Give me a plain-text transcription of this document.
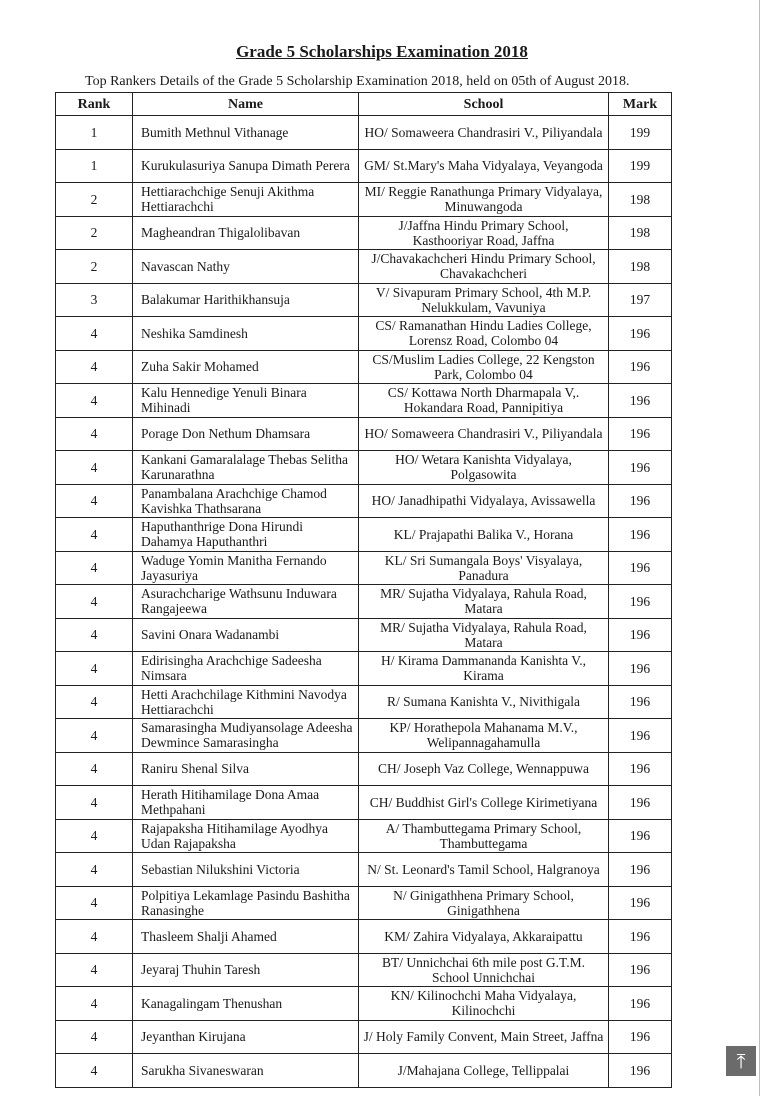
Grade 5 Scholarships Examination 2018
Top Rankers Details of the Grade 5 Scholarship Examination 2018, held on 05th of August 2018.
Rank	Name	School	Mark
1	Bumith Methnul Vithanage	HO/ Somaweera Chandrasiri V., Piliyandala	199
1	Kurukulasuriya Sanupa Dimath Perera	GM/ St.Mary's Maha Vidyalaya, Veyangoda	199
2	Hettiarachchige Senuji Akithma Hettiarachchi	MI/ Reggie Ranathunga Primary Vidyalaya, Minuwangoda	198
2	Magheandran Thigalolibavan	J/Jaffna Hindu Primary School, Kasthooriyar Road, Jaffna	198
2	Navascan Nathy	J/Chavakachcheri Hindu Primary School, Chavakachcheri	198
3	Balakumar Harithikhansuja	V/ Sivapuram Primary School, 4th M.P. Nelukkulam, Vavuniya	197
4	Neshika Samdinesh	CS/ Ramanathan Hindu Ladies College, Lorensz Road, Colombo 04	196
4	Zuha Sakir Mohamed	CS/Muslim Ladies College, 22 Kengston Park, Colombo 04	196
4	Kalu Hennedige Yenuli Binara Mihinadi	CS/ Kottawa North Dharmapala V,. Hokandara Road, Pannipitiya	196
4	Porage Don Nethum Dhamsara	HO/ Somaweera Chandrasiri V., Piliyandala	196
4	Kankani Gamaralalage Thebas Selitha Karunarathna	HO/ Wetara Kanishta Vidyalaya, Polgasowita	196
4	Panambalana Arachchige Chamod Kavishka Thathsarana	HO/ Janadhipathi Vidyalaya, Avissawella	196
4	Haputhanthrige Dona Hirundi Dahamya Haputhanthri	KL/ Prajapathi Balika V., Horana	196
4	Waduge Yomin Manitha Fernando Jayasuriya	KL/ Sri Sumangala Boys' Visyalaya, Panadura	196
4	Asurachcharige Wathsunu Induwara Rangajeewa	MR/ Sujatha Vidyalaya, Rahula Road, Matara	196
4	Savini Onara Wadanambi	MR/ Sujatha Vidyalaya, Rahula Road, Matara	196
4	Edirisingha Arachchige Sadeesha Nimsara	H/ Kirama Dammananda Kanishta V., Kirama	196
4	Hetti Arachchilage Kithmini Navodya Hettiarachchi	R/ Sumana Kanishta V., Nivithigala	196
4	Samarasingha Mudiyansolage Adeesha Dewmince Samarasingha	KP/ Horathepola Mahanama M.V., Welipannagahamulla	196
4	Raniru Shenal Silva	CH/ Joseph Vaz College, Wennappuwa	196
4	Herath Hitihamilage Dona Amaa Methpahani	CH/ Buddhist Girl's College Kirimetiyana	196
4	Rajapaksha Hitihamilage Ayodhya Udan Rajapaksha	A/ Thambuttegama Primary School, Thambuttegama	196
4	Sebastian Nilukshini Victoria	N/ St. Leonard's Tamil School, Halgranoya	196
4	Polpitiya Lekamlage Pasindu Bashitha Ranasinghe	N/ Ginigathhena Primary School, Ginigathhena	196
4	Thasleem Shalji Ahamed	KM/ Zahira Vidyalaya, Akkaraipattu	196
4	Jeyaraj Thuhin Taresh	BT/ Unnichchai 6th mile post G.T.M. School Unnichchai	196
4	Kanagalingam Thenushan	KN/ Kilinochchi Maha Vidyalaya, Kilinochchi	196
4	Jeyanthan Kirujana	J/ Holy Family Convent, Main Street, Jaffna	196
4	Sarukha Sivaneswaran	J/Mahajana College, Tellippalai	196	⤒
